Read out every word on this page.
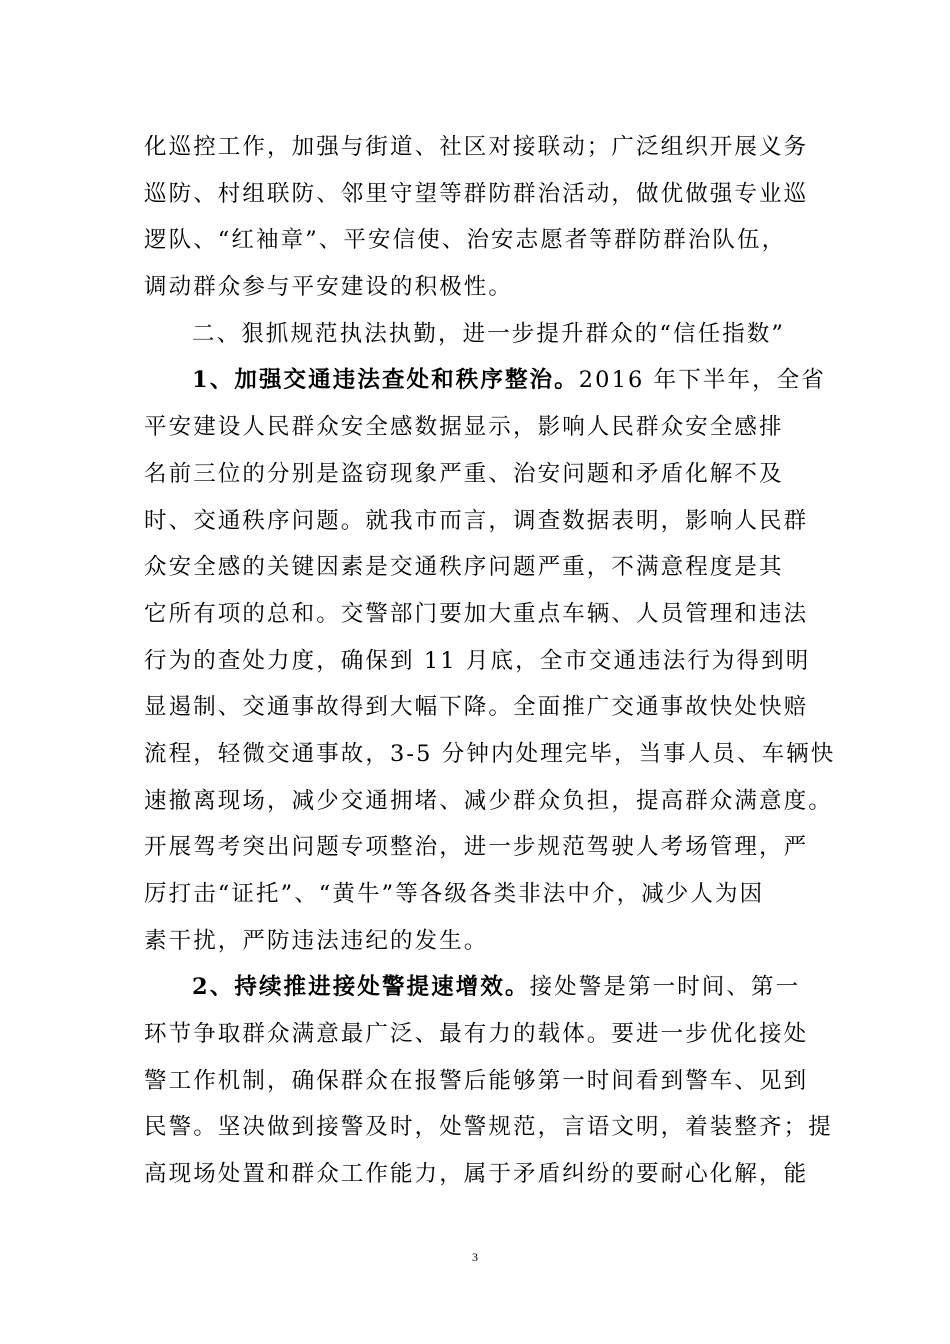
化巡控工作，加强与街道、社区对接联动；广泛组织开展义务
巡防、村组联防、邻里守望等群防群治活动，做优做强专业巡
逻队、“红袖章”、平安信使、治安志愿者等群防群治队伍，
调动群众参与平安建设的积极性。
二、狠抓规范执法执勤，进一步提升群众的“信任指数”
1、加强交通违法查处和秩序整治。2016 年下半年，全省
平安建设人民群众安全感数据显示，影响人民群众安全感排
名前三位的分别是盗窃现象严重、治安问题和矛盾化解不及
时、交通秩序问题。就我市而言，调查数据表明，影响人民群
众安全感的关键因素是交通秩序问题严重，不满意程度是其
它所有项的总和。交警部门要加大重点车辆、人员管理和违法
行为的查处力度，确保到 11 月底，全市交通违法行为得到明
显遏制、交通事故得到大幅下降。全面推广交通事故快处快赔
流程，轻微交通事故，3-5 分钟内处理完毕，当事人员、车辆快
速撤离现场，减少交通拥堵、减少群众负担，提高群众满意度。
开展驾考突出问题专项整治，进一步规范驾驶人考场管理，严
厉打击“证托”、“黄牛”等各级各类非法中介，减少人为因
素干扰，严防违法违纪的发生。
2、持续推进接处警提速增效。接处警是第一时间、第一
环节争取群众满意最广泛、最有力的载体。要进一步优化接处
警工作机制，确保群众在报警后能够第一时间看到警车、见到
民警。坚决做到接警及时，处警规范，言语文明，着装整齐；提
高现场处置和群众工作能力，属于矛盾纠纷的要耐心化解，能
3
